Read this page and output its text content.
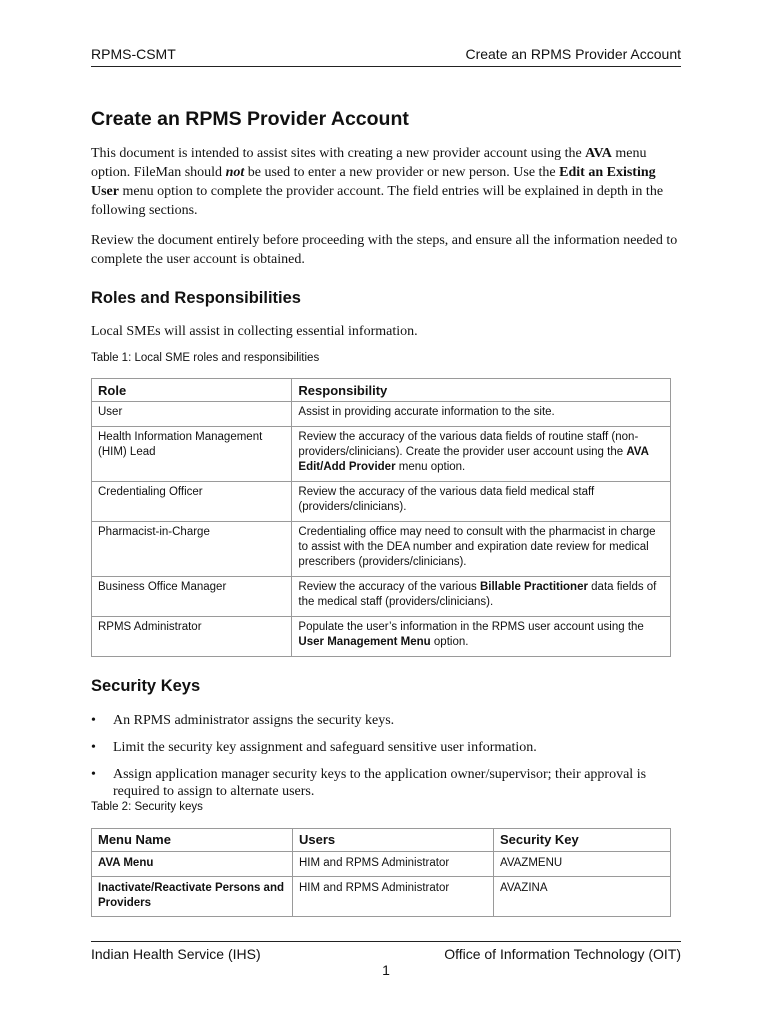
RPMS-CSMT	Create an RPMS Provider Account
Create an RPMS Provider Account

This document is intended to assist sites with creating a new provider account using the AVA menu option. FileMan should not be used to enter a new provider or new person. Use the Edit an Existing User menu option to complete the provider account. The field entries will be explained in depth in the following sections.

Review the document entirely before proceeding with the steps, and ensure all the information needed to complete the user account is obtained.

Roles and Responsibilities

Local SMEs will assist in collecting essential information.

Table 1: Local SME roles and responsibilities
Role	Responsibility
User	Assist in providing accurate information to the site.
Health Information Management (HIM) Lead	Review the accuracy of the various data fields of routine staff (non-providers/clinicians). Create the provider user account using the AVA Edit/Add Provider menu option.
Credentialing Officer	Review the accuracy of the various data field medical staff (providers/clinicians).
Pharmacist-in-Charge	Credentialing office may need to consult with the pharmacist in charge to assist with the DEA number and expiration date review for medical prescribers (providers/clinicians).
Business Office Manager	Review the accuracy of the various Billable Practitioner data fields of the medical staff (providers/clinicians).
RPMS Administrator	Populate the user’s information in the RPMS user account using the User Management Menu option.
Security Keys
• An RPMS administrator assigns the security keys.
• Limit the security key assignment and safeguard sensitive user information.
• Assign application manager security keys to the application owner/supervisor; their approval is required to assign to alternate users.
Table 2: Security keys
Menu Name	Users	Security Key
AVA Menu	HIM and RPMS Administrator	AVAZMENU
Inactivate/Reactivate Persons and Providers	HIM and RPMS Administrator	AVAZINA
Indian Health Service (IHS)	Office of Information Technology (OIT)
1
